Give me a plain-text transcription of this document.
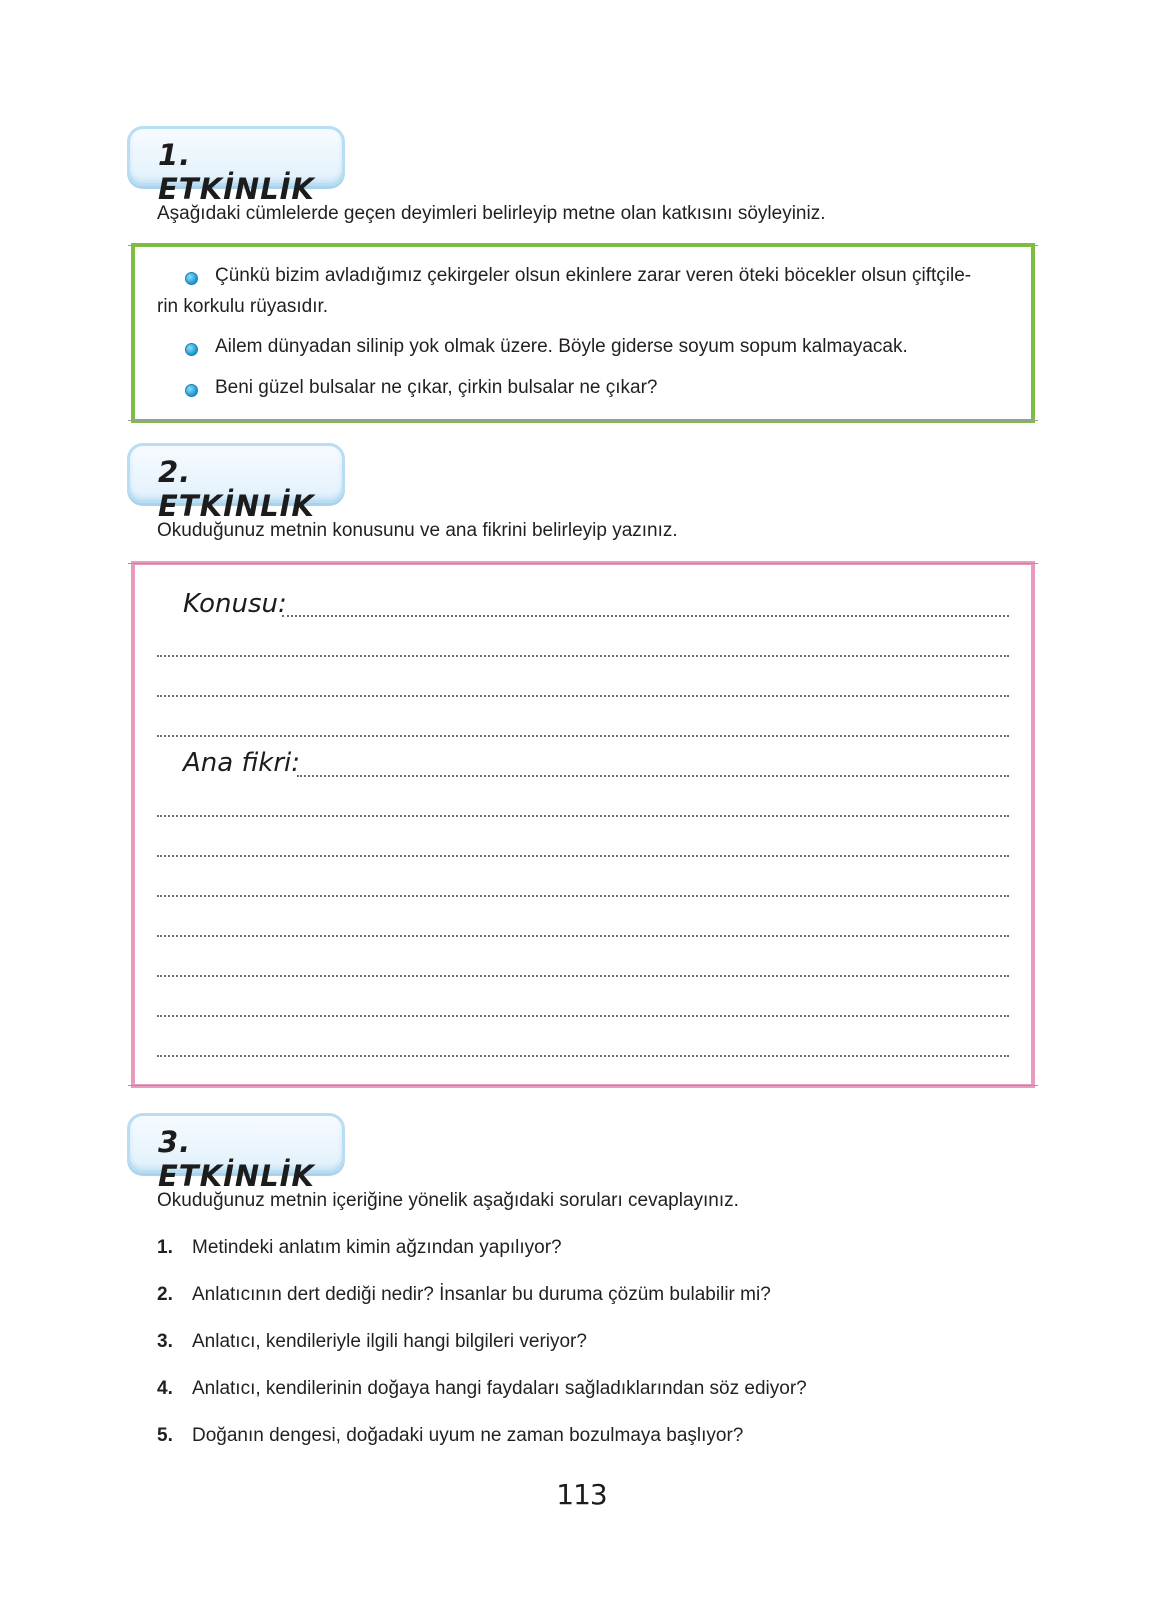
1. ETKİNLİK
Aşağıdaki cümlelerde geçen deyimleri belirleyip metne olan katkısını söyleyiniz.
Çünkü bizim avladığımız çekirgeler olsun ekinlere zarar veren öteki böcekler olsun çiftçile-
rin korkulu rüyasıdır.
Ailem dünyadan silinip yok olmak üzere. Böyle giderse soyum sopum kalmayacak.
Beni güzel bulsalar ne çıkar, çirkin bulsalar ne çıkar?
2. ETKİNLİK
Okuduğunuz metnin konusunu ve ana fikrini belirleyip yazınız.
Konusu:
Ana fikri:
3. ETKİNLİK
Okuduğunuz metnin içeriğine yönelik aşağıdaki soruları cevaplayınız.
1. Metindeki anlatım kimin ağzından yapılıyor?
2. Anlatıcının dert dediği nedir? İnsanlar bu duruma çözüm bulabilir mi?
3. Anlatıcı, kendileriyle ilgili hangi bilgileri veriyor?
4. Anlatıcı, kendilerinin doğaya hangi faydaları sağladıklarından söz ediyor?
5. Doğanın dengesi, doğadaki uyum ne zaman bozulmaya başlıyor?
113
